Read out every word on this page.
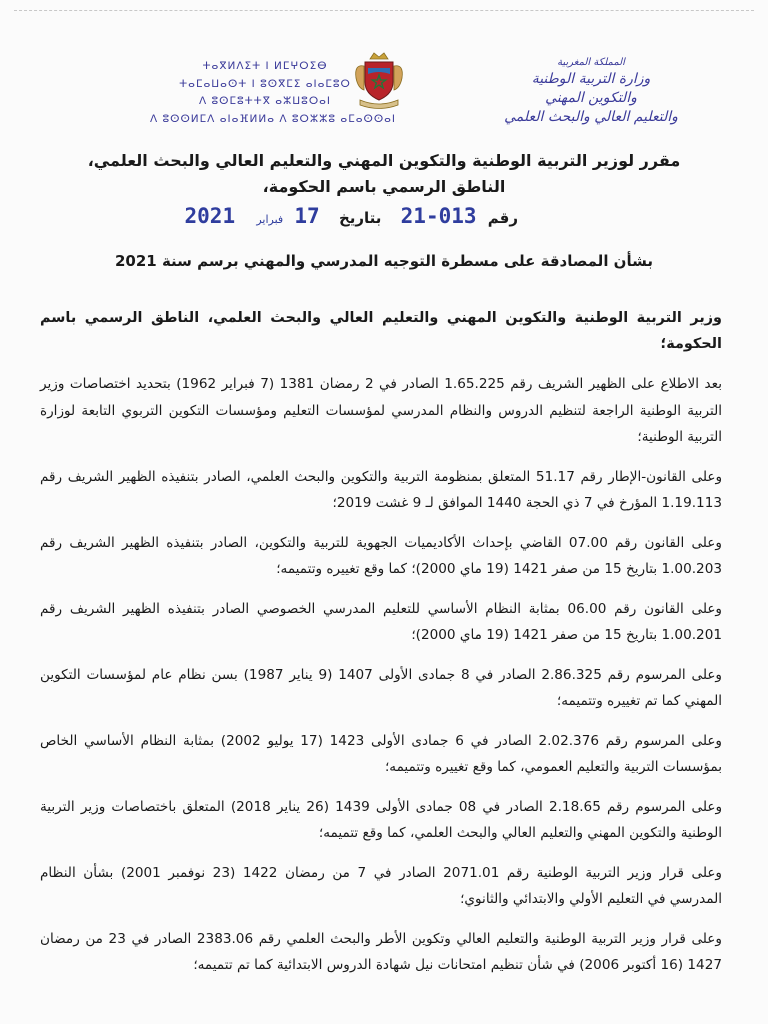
المملكة المغربية
وزارة التربية الوطنية
والتكوين المهني
والتعليم العالي والبحث العلمي
ⵜⴰⴳⵍⴷⵉⵜ ⵏ ⵍⵎⵖⵔⵉⴱ
ⵜⴰⵎⴰⵡⴰⵙⵜ ⵏ ⵓⵙⴳⵎⵉ ⴰⵏⴰⵎⵓⵔ
ⴷ ⵓⵙⵎⵓⵜⵜⴳ ⴰⵣⵡⵓⵔⴰⵏ
ⴷ ⵓⵙⵙⵍⵎⴷ ⴰⵏⴰⴼⵍⵍⴰ ⴷ ⵓⵔⵣⵣⵓ ⴰⵎⴰⵙⵙⴰⵏ
مقرر لوزير التربية الوطنية والتكوين المهني والتعليم العالي والبحث العلمي،
الناطق الرسمي باسم الحكومة،
رقم 013-21 بتاريخ 17 فبراير 2021
بشأن المصادقة على مسطرة التوجيه المدرسي والمهني برسم سنة 2021
وزير التربية الوطنية والتكوين المهني والتعليم العالي والبحث العلمي، الناطق الرسمي باسم الحكومة؛

بعد الاطلاع على الظهير الشريف رقم 1.65.225 الصادر في 2 رمضان 1381 (7 فبراير 1962) بتحديد اختصاصات وزير التربية الوطنية الراجعة لتنظيم الدروس والنظام المدرسي لمؤسسات التعليم ومؤسسات التكوين التربوي التابعة لوزارة التربية الوطنية؛

وعلى القانون-الإطار رقم 51.17 المتعلق بمنظومة التربية والتكوين والبحث العلمي، الصادر بتنفيذه الظهير الشريف رقم 1.19.113 المؤرخ في 7 ذي الحجة 1440 الموافق لـ 9 غشت 2019؛

وعلى القانون رقم 07.00 القاضي بإحداث الأكاديميات الجهوية للتربية والتكوين، الصادر بتنفيذه الظهير الشريف رقم 1.00.203 بتاريخ 15 من صفر 1421 (19 ماي 2000)؛ كما وقع تغييره وتتميمه؛

وعلى القانون رقم 06.00 بمثابة النظام الأساسي للتعليم المدرسي الخصوصي الصادر بتنفيذه الظهير الشريف رقم 1.00.201 بتاريخ 15 من صفر 1421 (19 ماي 2000)؛

وعلى المرسوم رقم 2.86.325 الصادر في 8 جمادى الأولى 1407 (9 يناير 1987) بسن نظام عام لمؤسسات التكوين المهني كما تم تغييره وتتميمه؛

وعلى المرسوم رقم 2.02.376 الصادر في 6 جمادى الأولى 1423 (17 يوليو 2002) بمثابة النظام الأساسي الخاص بمؤسسات التربية والتعليم العمومي، كما وقع تغييره وتتميمه؛

وعلى المرسوم رقم 2.18.65 الصادر في 08 جمادى الأولى 1439 (26 يناير 2018) المتعلق باختصاصات وزير التربية الوطنية والتكوين المهني والتعليم العالي والبحث العلمي، كما وقع تتميمه؛

وعلى قرار وزير التربية الوطنية رقم 2071.01 الصادر في 7 من رمضان 1422 (23 نوفمبر 2001) بشأن النظام المدرسي في التعليم الأولي والابتدائي والثانوي؛

وعلى قرار وزير التربية الوطنية والتعليم العالي وتكوين الأطر والبحث العلمي رقم 2383.06 الصادر في 23 من رمضان 1427 (16 أكتوبر 2006) في شأن تنظيم امتحانات نيل شهادة الدروس الابتدائية كما تم تتميمه؛
